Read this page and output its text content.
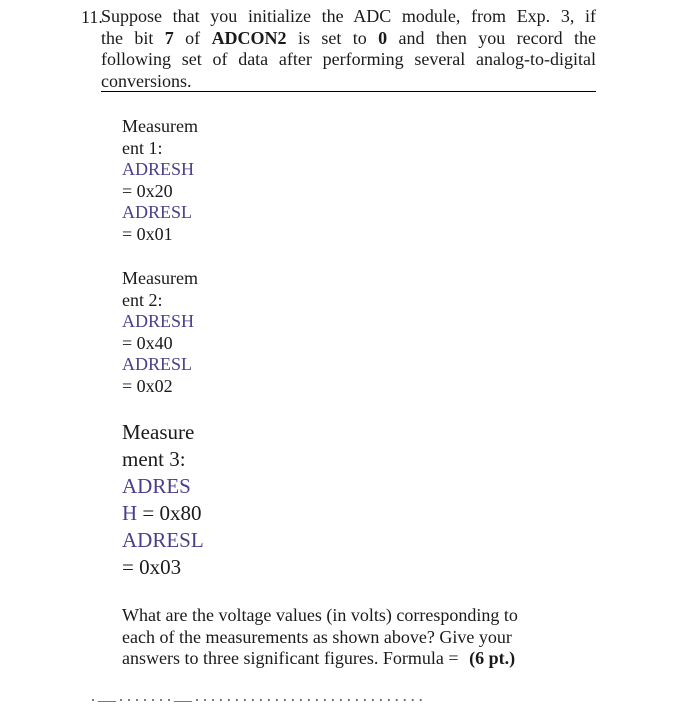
11.
Suppose that you initialize the ADC module, from Exp. 3, if
the bit 7 of ADCON2 is set to 0 and then you record the
following set of data after performing several analog-to-digital
conversions.
Measurem
ent 1:
ADRESH
= 0x20
ADRESL
= 0x01
Measurem
ent 2:
ADRESH
= 0x40
ADRESL
= 0x02
Measure
ment 3:
ADRES
H = 0x80
ADRESL
= 0x03
What are the voltage values (in volts) corresponding to each of the measurements as shown above? Give your answers to three significant figures. Formula = (6 pt.)
·—·······—·····························
